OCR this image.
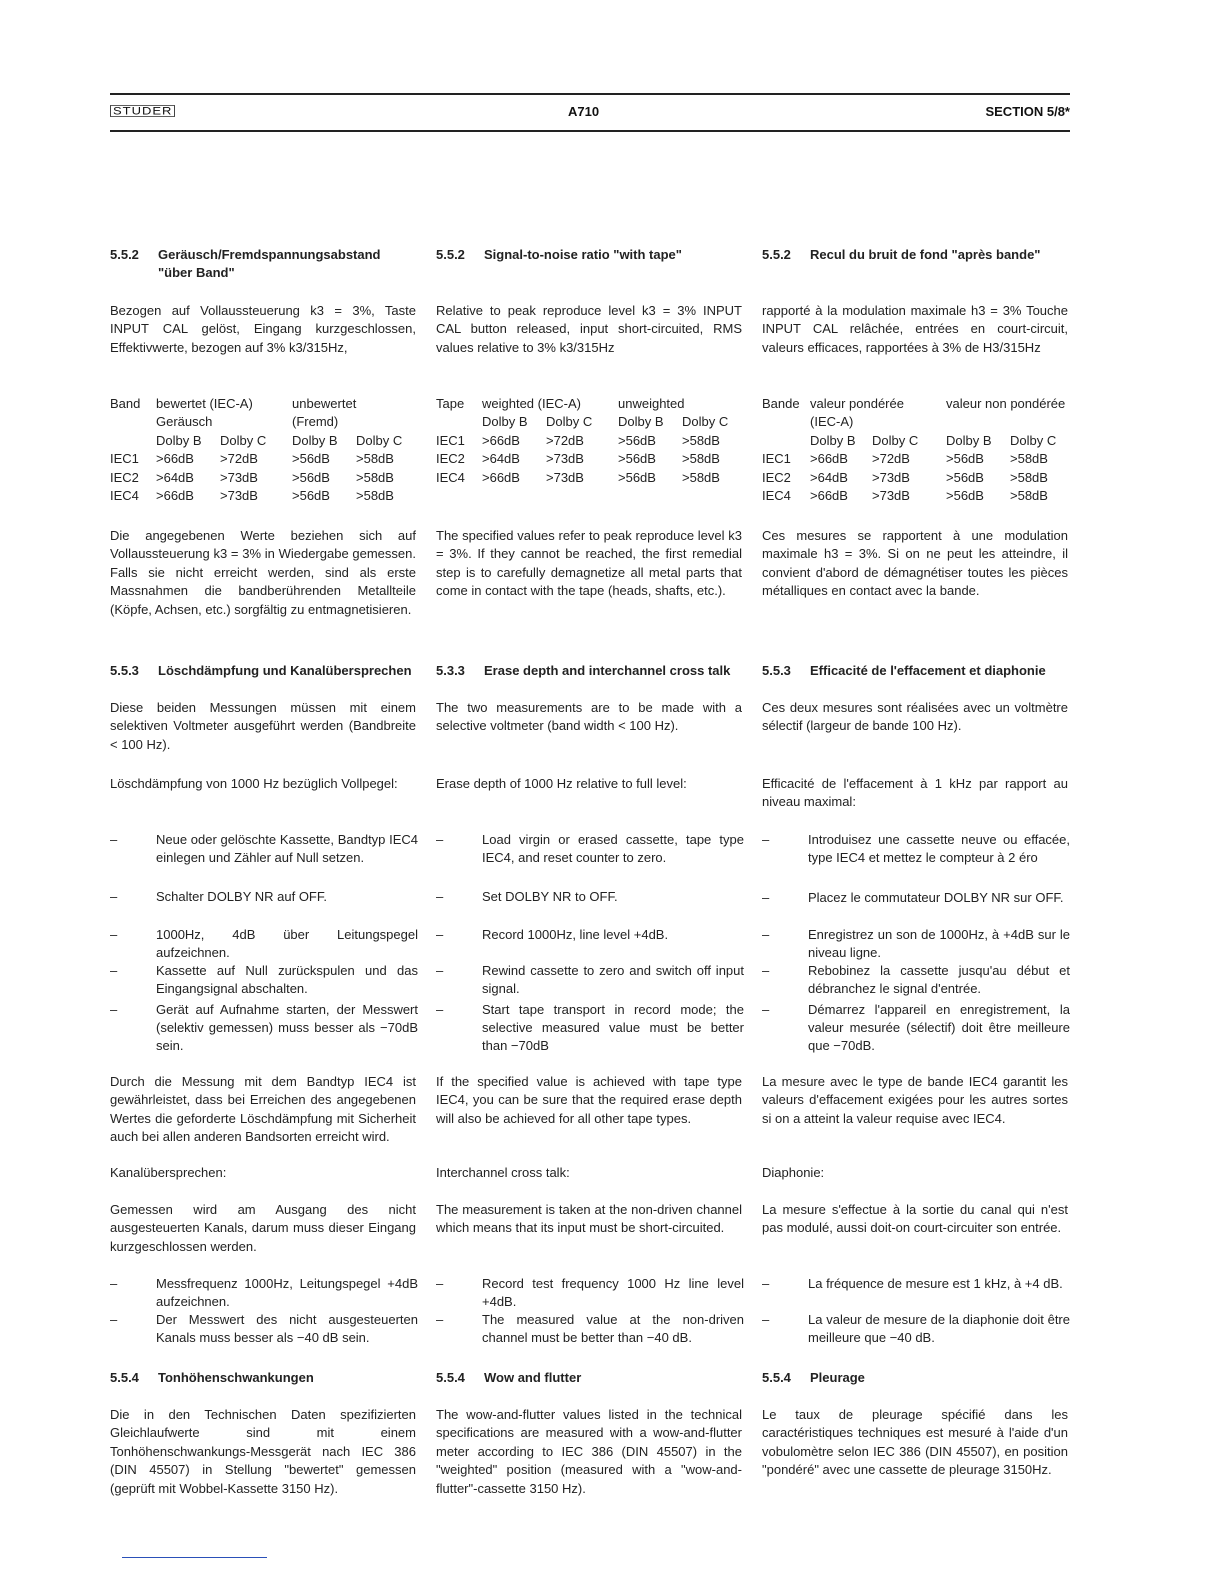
STUDER	A710	SECTION 5/8*
5.5.2 Geräusch/Fremdspannungsabstand "über Band"

Bezogen auf Vollaussteuerung k3 = 3%, Taste INPUT CAL gelöst, Eingang kurzgeschlossen, Effektivwerte, bezogen auf 3% k3/315Hz,

Band	bewertet (IEC-A)		unbewertet	
	Geräusch		(Fremd)	
	Dolby B	Dolby C	Dolby B	Dolby C
IEC1	>66dB	>72dB	>56dB	>58dB
IEC2	>64dB	>73dB	>56dB	>58dB
IEC4	>66dB	>73dB	>56dB	>58dB

Die angegebenen Werte beziehen sich auf Vollaussteuerung k3 = 3% in Wiedergabe gemessen. Falls sie nicht erreicht werden, sind als erste Massnahmen die bandberührenden Metallteile (Köpfe, Achsen, etc.) sorgfältig zu entmagnetisieren.

5.5.3 Löschdämpfung und Kanalübersprechen

Diese beiden Messungen müssen mit einem selektiven Voltmeter ausgeführt werden (Bandbreite < 100 Hz).

Löschdämpfung von 1000 Hz bezüglich Vollpegel:

–	Neue oder gelöschte Kassette, Bandtyp IEC4 einlegen und Zähler auf Null setzen.
–	Schalter DOLBY NR auf OFF.
–	1000Hz, 4dB über Leitungspegel aufzeichnen.
–	Kassette auf Null zurückspulen und das Eingangsignal abschalten.
–	Gerät auf Aufnahme starten, der Messwert (selektiv gemessen) muss besser als −70dB sein.

Durch die Messung mit dem Bandtyp IEC4 ist gewährleistet, dass bei Erreichen des angegebenen Wertes die geforderte Löschdämpfung mit Sicherheit auch bei allen anderen Bandsorten erreicht wird.

Kanalübersprechen:

Gemessen wird am Ausgang des nicht ausgesteuerten Kanals, darum muss dieser Eingang kurzgeschlossen werden.

–	Messfrequenz 1000Hz, Leitungspegel +4dB aufzeichnen.
–	Der Messwert des nicht ausgesteuerten Kanals muss besser als −40 dB sein.
5.5.4 Tonhöhenschwankungen

Die in den Technischen Daten spezifizierten Gleichlaufwerte sind mit einem Tonhöhenschwankungs-Messgerät nach IEC 386 (DIN 45507) in Stellung "bewertet" gemessen (geprüft mit Wobbel-Kassette 3150 Hz).

5.5.2 Signal-to-noise ratio "with tape"

Relative to peak reproduce level k3 = 3% INPUT CAL button released, input short-circuited, RMS values relative to 3% k3/315Hz

Tape	weighted (IEC-A)		unweighted	
	Dolby B	Dolby C	Dolby B	Dolby C
IEC1	>66dB	>72dB	>56dB	>58dB
IEC2	>64dB	>73dB	>56dB	>58dB
IEC4	>66dB	>73dB	>56dB	>58dB

The specified values refer to peak reproduce level k3 = 3%. If they cannot be reached, the first remedial step is to carefully demagnetize all metal parts that come in contact with the tape (heads, shafts, etc.).

5.3.3 Erase depth and interchannel cross talk

The two measurements are to be made with a selective voltmeter (band width < 100 Hz).

Erase depth of 1000 Hz relative to full level:

–	Load virgin or erased cassette, tape type IEC4, and reset counter to zero.
–	Set DOLBY NR to OFF.
–	Record 1000Hz, line level +4dB.
–	Rewind cassette to zero and switch off input signal.
–	Start tape transport in record mode; the selective measured value must be better than −70dB

If the specified value is achieved with tape type IEC4, you can be sure that the required erase depth will also be achieved for all other tape types.

Interchannel cross talk:

The measurement is taken at the non-driven channel which means that its input must be short-circuited.

–	Record test frequency 1000 Hz line level +4dB.
–	The measured value at the non-driven channel must be better than −40 dB.
5.5.4 Wow and flutter

The wow-and-flutter values listed in the technical specifications are measured with a wow-and-flutter meter according to IEC 386 (DIN 45507) in the "weighted" position (measured with a "wow-and-flutter"-cassette 3150 Hz).

5.5.2 Recul du bruit de fond "après bande"

rapporté à la modulation maximale h3 = 3% Touche INPUT CAL relâchée, entrées en court-circuit, valeurs efficaces, rapportées à 3% de H3/315Hz

Bande	valeur pondérée		valeur non pondérée	
	(IEC-A)			
	Dolby B	Dolby C	Dolby B	Dolby C
IEC1	>66dB	>72dB	>56dB	>58dB
IEC2	>64dB	>73dB	>56dB	>58dB
IEC4	>66dB	>73dB	>56dB	>58dB

Ces mesures se rapportent à une modulation maximale h3 = 3%. Si on ne peut les atteindre, il convient d'abord de démagnétiser toutes les pièces métalliques en contact avec la bande.

5.5.3 Efficacité de l'effacement et diaphonie

Ces deux mesures sont réalisées avec un voltmètre sélectif (largeur de bande 100 Hz).

Efficacité de l'effacement à 1 kHz par rapport au niveau maximal:

–	Introduisez une cassette neuve ou effacée, type IEC4 et mettez le compteur à 2 éro
–	Placez le commutateur DOLBY NR sur OFF.
–	Enregistrez un son de 1000Hz, à +4dB sur le niveau ligne.
–	Rebobinez la cassette jusqu'au début et débranchez le signal d'entrée.
–	Démarrez l'appareil en enregistrement, la valeur mesurée (sélectif) doit être meilleure que −70dB.

La mesure avec le type de bande IEC4 garantit les valeurs d'effacement exigées pour les autres sortes si on a atteint la valeur requise avec IEC4.

Diaphonie:

La mesure s'effectue à la sortie du canal qui n'est pas modulé, aussi doit-on court-circuiter son entrée.

–	La fréquence de mesure est 1 kHz, à +4 dB.
–	La valeur de mesure de la diaphonie doit être meilleure que −40 dB.
5.5.4 Pleurage

Le taux de pleurage spécifié dans les caractéristiques techniques est mesuré à l'aide d'un vobulomètre selon IEC 386 (DIN 45507), en position "pondéré" avec une cassette de pleurage 3150Hz.
